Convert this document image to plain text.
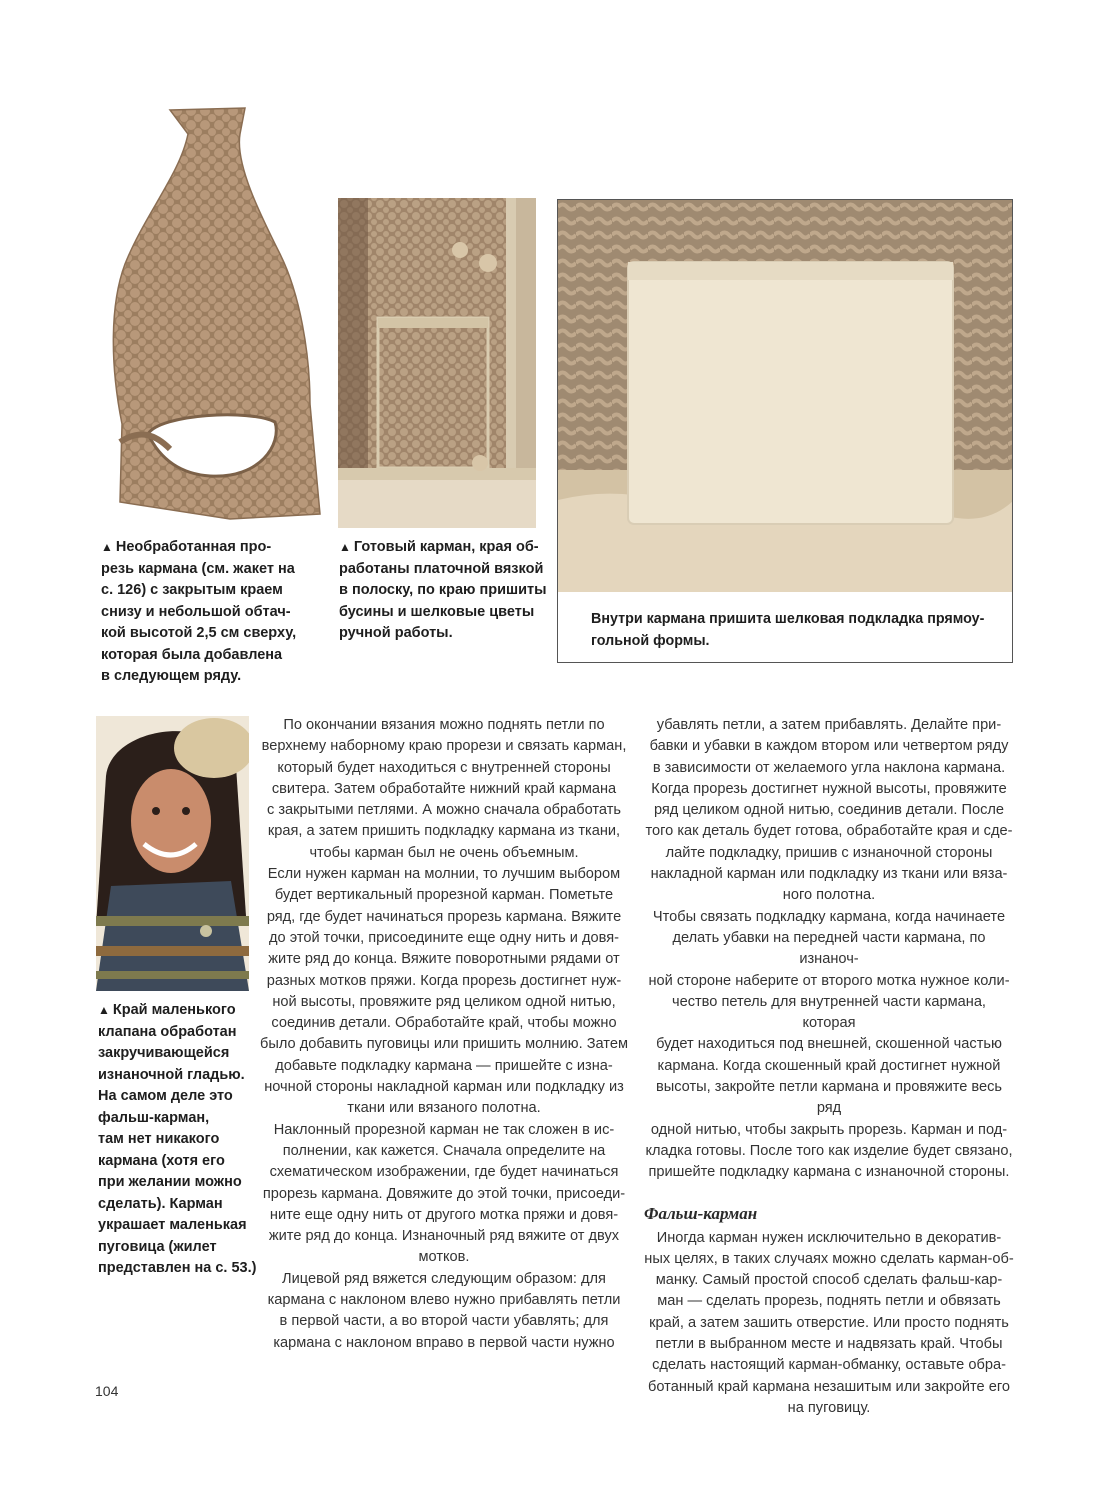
▲ Необработанная про-
резь кармана (см. жакет на
с. 126) с закрытым краем
снизу и небольшой обтач-
кой высотой 2,5 см сверху,
которая была добавлена
в следующем ряду.
▲ Готовый карман, края об-
работаны платочной вязкой
в полоску, по краю пришиты
бусины и шелковые цветы
ручной работы.
Внутри кармана пришита шелковая подкладка прямоу-
гольной формы.
▲ Край маленького
клапана обработан
закручивающейся
изнаночной гладью.
На самом деле это
фальш-карман,
там нет никакого
кармана (хотя его
при желании можно
сделать). Карман
украшает маленькая
пуговица (жилет
представлен на с. 53.)

По окончании вязания можно поднять петли по
верхнему наборному краю прорези и связать карман,
который будет находиться с внутренней стороны
свитера. Затем обработайте нижний край кармана
с закрытыми петлями. А можно сначала обработать
края, а затем пришить подкладку кармана из ткани,
чтобы карман был не очень объемным.

Если нужен карман на молнии, то лучшим выбором
будет вертикальный прорезной карман. Пометьте
ряд, где будет начинаться прорезь кармана. Вяжите
до этой точки, присоедините еще одну нить и довя-
жите ряд до конца. Вяжите поворотными рядами от
разных мотков пряжи. Когда прорезь достигнет нуж-
ной высоты, провяжите ряд целиком одной нитью,
соединив детали. Обработайте край, чтобы можно
было добавить пуговицы или пришить молнию. Затем
добавьте подкладку кармана — пришейте с изна-
ночной стороны накладной карман или подкладку из
ткани или вязаного полотна.

Наклонный прорезной карман не так сложен в ис-
полнении, как кажется. Сначала определите на
схематическом изображении, где будет начинаться
прорезь кармана. Довяжите до этой точки, присоеди-
ните еще одну нить от другого мотка пряжи и довя-
жите ряд до конца. Изнаночный ряд вяжите от двух
мотков.

Лицевой ряд вяжется следующим образом: для
кармана с наклоном влево нужно прибавлять петли
в первой части, а во второй части убавлять; для
кармана с наклоном вправо в первой части нужно

убавлять петли, а затем прибавлять. Делайте при-
бавки и убавки в каждом втором или четвертом ряду
в зависимости от желаемого угла наклона кармана.
Когда прорезь достигнет нужной высоты, провяжите
ряд целиком одной нитью, соединив детали. После
того как деталь будет готова, обработайте края и сде-
лайте подкладку, пришив с изнаночной стороны
накладной карман или подкладку из ткани или вяза-
ного полотна.

Чтобы связать подкладку кармана, когда начинаете
делать убавки на передней части кармана, по изнаноч-
ной стороне наберите от второго мотка нужное коли-
чество петель для внутренней части кармана, которая
будет находиться под внешней, скошенной частью
кармана. Когда скошенный край достигнет нужной
высоты, закройте петли кармана и провяжите весь ряд
одной нитью, чтобы закрыть прорезь. Карман и под-
кладка готовы. После того как изделие будет связано,
пришейте подкладку кармана с изнаночной стороны.

Фальш-карман

Иногда карман нужен исключительно в декоратив-
ных целях, в таких случаях можно сделать карман-об-
манку. Самый простой способ сделать фальш-кар-
ман — сделать прорезь, поднять петли и обвязать
край, а затем зашить отверстие. Или просто поднять
петли в выбранном месте и надвязать край. Чтобы
сделать настоящий карман-обманку, оставьте обра-
ботанный край кармана незашитым или закройте его
на пуговицу.

104
